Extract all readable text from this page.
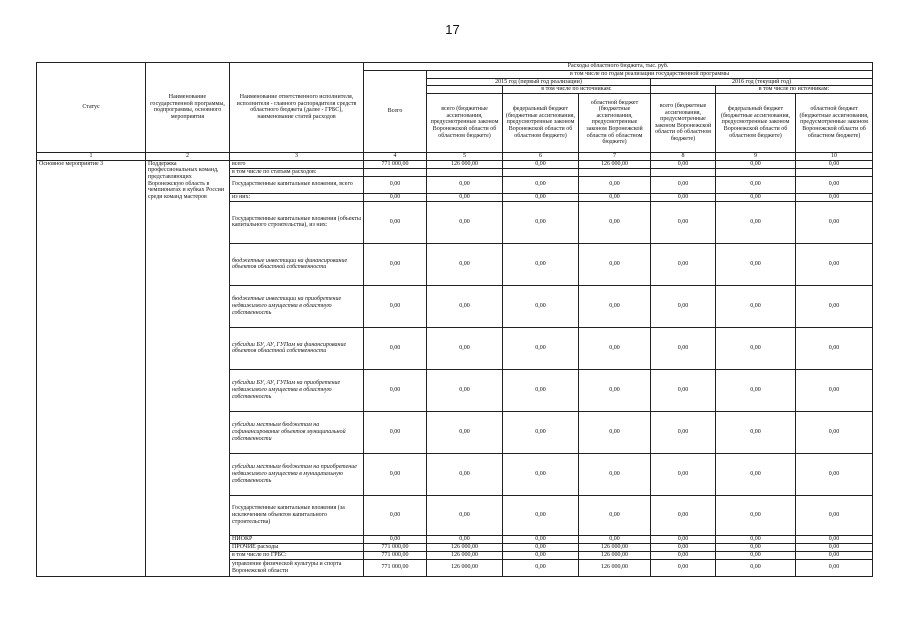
17
Статус	Наименование государственной программы, подпрограммы, основного мероприятия	Наименование ответственного исполнителя, исполнителя - главного распорядителя средств областного бюджета (далее - ГРБС), наименование статей расходов	Расходы областного бюджета, тыс. руб.						
			Всего	в том числе по годам реализации государственной программы					
				2015 год (первый год реализации)			2016 год (текущий год)		
					в том числе по источникам:			в том числе по источникам:	
				всего (бюджетные ассигнования, предусмотренные законом Воронежской области об областном бюджете)	федеральный бюджет (бюджетные ассигнования, предусмотренные законом Воронежской области об областном бюджете)	областной бюджет (бюджетные ассигнования, предусмотренные законом Воронежской области об областном бюджете)	всего (бюджетные ассигнования, предусмотренные законом Воронежской области об областном бюджете)	федеральный бюджет (бюджетные ассигнования, предусмотренные законом Воронежской области об областном бюджете)	областной бюджет (бюджетные ассигнования, предусмотренные законом Воронежской области об областном бюджете)
1	2	3	4	5	6	7	8	9	10
Основное мероприятие 3	Поддержка профессиональных команд, представляющих Воронежскую область в чемпионатах и кубках России среди команд мастеров	всего	771 000,00	126 000,00	0,00	126 000,00	0,00	0,00	0,00
		в том числе по статьям расходов:							
		Государственные капитальные вложения, всего	0,00	0,00	0,00	0,00	0,00	0,00	0,00
		из них:	0,00	0,00	0,00	0,00	0,00	0,00	0,00
		Государственные капитальные вложения (объекты капитального строительства), из них:	0,00	0,00	0,00	0,00	0,00	0,00	0,00
		бюджетные инвестиции на финансирование объектов областной собственности	0,00	0,00	0,00	0,00	0,00	0,00	0,00
		бюджетные инвестиции на приобретение недвижимого имущества в областную собственность	0,00	0,00	0,00	0,00	0,00	0,00	0,00
		субсидии БУ, АУ, ГУПам на финансирование объектов областной собственности	0,00	0,00	0,00	0,00	0,00	0,00	0,00
		субсидии БУ, АУ, ГУПам на приобретение недвижимого имущества в областную собственность	0,00	0,00	0,00	0,00	0,00	0,00	0,00
		субсидии местным бюджетам на софинансирование объектов муниципальной собственности	0,00	0,00	0,00	0,00	0,00	0,00	0,00
		субсидии местным бюджетам на приобретение недвижимого имущества в муниципальную собственность	0,00	0,00	0,00	0,00	0,00	0,00	0,00
		Государственные капитальные вложения (за исключением объектов капитального строительства)	0,00	0,00	0,00	0,00	0,00	0,00	0,00
		НИОКР	0,00	0,00	0,00	0,00	0,00	0,00	0,00
		ПРОЧИЕ расходы	771 000,00	126 000,00	0,00	126 000,00	0,00	0,00	0,00
		в том числе по ГРБС:	771 000,00	126 000,00	0,00	126 000,00	0,00	0,00	0,00
		управление физической культуры и спорта Воронежской области	771 000,00	126 000,00	0,00	126 000,00	0,00	0,00	0,00
